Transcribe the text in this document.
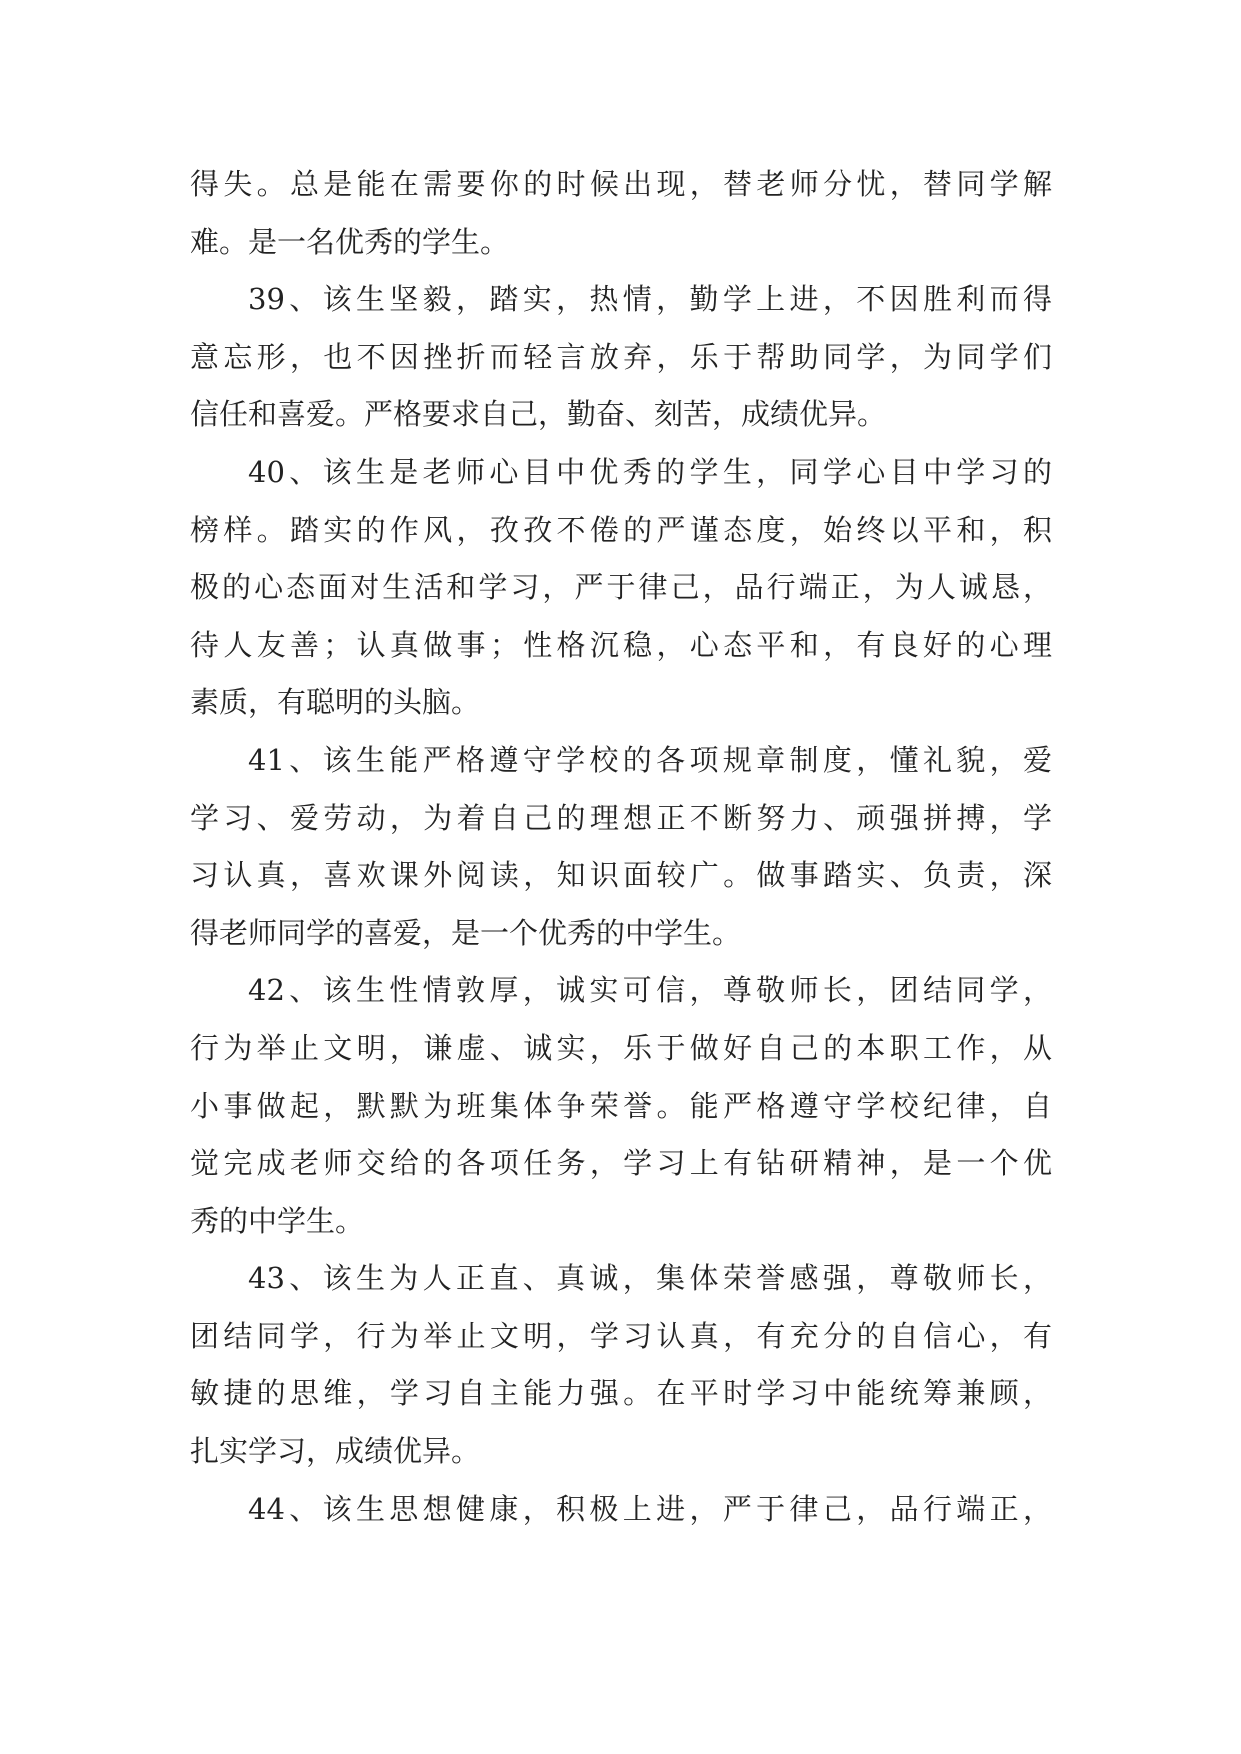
得失。总是能在需要你的时候出现，替老师分忧，替同学解
难。是一名优秀的学生。
39、该生坚毅，踏实，热情，勤学上进，不因胜利而得
意忘形，也不因挫折而轻言放弃，乐于帮助同学，为同学们
信任和喜爱。严格要求自己，勤奋、刻苦，成绩优异。
40、该生是老师心目中优秀的学生，同学心目中学习的
榜样。踏实的作风，孜孜不倦的严谨态度，始终以平和，积
极的心态面对生活和学习，严于律己，品行端正，为人诚恳，
待人友善；认真做事；性格沉稳，心态平和，有良好的心理
素质，有聪明的头脑。
41、该生能严格遵守学校的各项规章制度，懂礼貌，爱
学习、爱劳动，为着自己的理想正不断努力、顽强拼搏，学
习认真，喜欢课外阅读，知识面较广。做事踏实、负责，深
得老师同学的喜爱，是一个优秀的中学生。
42、该生性情敦厚，诚实可信，尊敬师长，团结同学，
行为举止文明，谦虚、诚实，乐于做好自己的本职工作，从
小事做起，默默为班集体争荣誉。能严格遵守学校纪律，自
觉完成老师交给的各项任务，学习上有钻研精神，是一个优
秀的中学生。
43、该生为人正直、真诚，集体荣誉感强，尊敬师长，
团结同学，行为举止文明，学习认真，有充分的自信心，有
敏捷的思维，学习自主能力强。在平时学习中能统筹兼顾，
扎实学习，成绩优异。
44、该生思想健康，积极上进，严于律己，品行端正，
